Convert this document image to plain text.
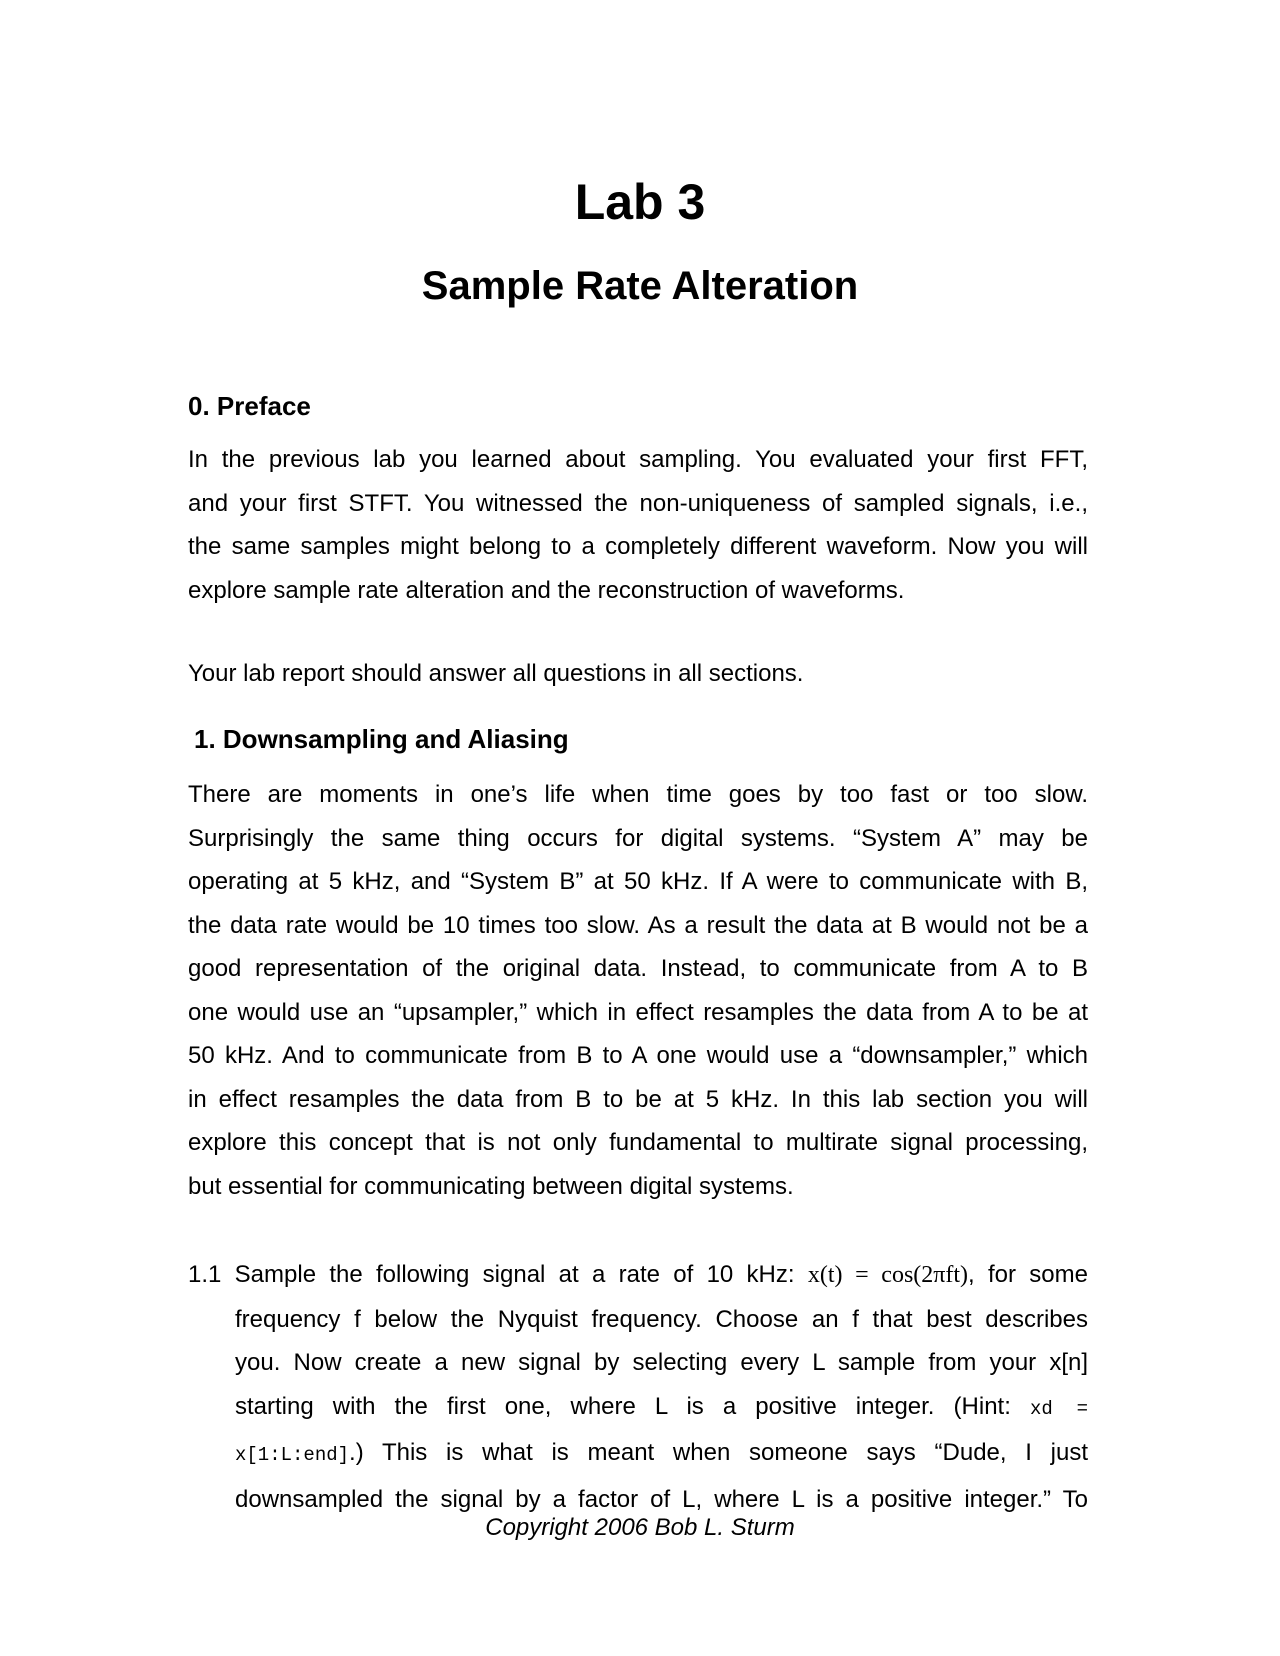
Lab 3
Sample Rate Alteration
0. Preface
In the previous lab you learned about sampling. You evaluated your first FFT,
and your first STFT. You witnessed the non-uniqueness of sampled signals, i.e.,
the same samples might belong to a completely different waveform. Now you will
explore sample rate alteration and the reconstruction of waveforms.

Your lab report should answer all questions in all sections.

1. Downsampling and Aliasing
There are moments in one’s life when time goes by too fast or too slow.
Surprisingly the same thing occurs for digital systems. “System A” may be
operating at 5 kHz, and “System B” at 50 kHz. If A were to communicate with B,
the data rate would be 10 times too slow. As a result the data at B would not be a
good representation of the original data. Instead, to communicate from A to B
one would use an “upsampler,” which in effect resamples the data from A to be at
50 kHz. And to communicate from B to A one would use a “downsampler,” which
in effect resamples the data from B to be at 5 kHz. In this lab section you will
explore this concept that is not only fundamental to multirate signal processing,
but essential for communicating between digital systems.
1.1 Sample the following signal at a rate of 10 kHz: x(t) = cos(2πft), for some
frequency f below the Nyquist frequency. Choose an f that best describes
you. Now create a new signal by selecting every L sample from your x[n]
starting with the first one, where L is a positive integer. (Hint: xd =
x[1:L:end].) This is what is meant when someone says “Dude, I just
downsampled the signal by a factor of L, where L is a positive integer.” To

Copyright 2006 Bob L. Sturm
